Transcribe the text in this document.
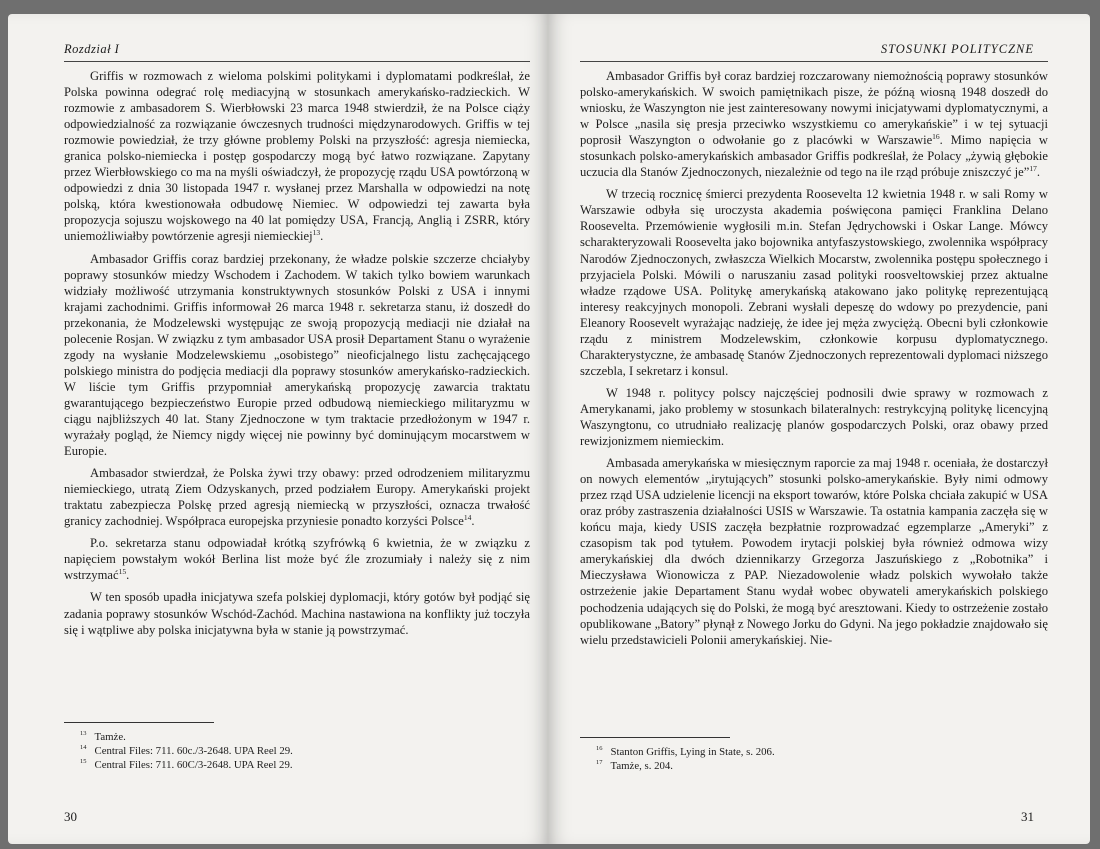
Rozdział I

Griffis w rozmowach z wieloma polskimi politykami i dyplomatami podkreślał, że Polska powinna odegrać rolę mediacyjną w stosunkach amerykańsko-radzieckich. W rozmowie z ambasadorem S. Wierbłowski 23 marca 1948 stwierdził, że na Polsce ciąży odpowiedzialność za rozwiązanie ówczesnych trudności międzynarodowych. Griffis w tej rozmowie powiedział, że trzy główne problemy Polski na przyszłość: agresja niemiecka, granica polsko-niemiecka i postęp gospodarczy mogą być łatwo rozwiązane. Zapytany przez Wierbłowskiego co ma na myśli oświadczył, że propozycję rządu USA powtórzoną w odpowiedzi z dnia 30 listopada 1947 r. wysłanej przez Marshalla w odpowiedzi na notę polską, która kwestionowała odbudowę Niemiec. W odpowiedzi tej zawarta była propozycja sojuszu wojskowego na 40 lat pomiędzy USA, Francją, Anglią i ZSRR, który uniemożliwiałby powtórzenie agresji niemieckiej$^{13}$.

Ambasador Griffis coraz bardziej przekonany, że władze polskie szczerze chciałyby poprawy stosunków miedzy Wschodem i Zachodem. W takich tylko bowiem warunkach widziały możliwość utrzymania konstruktywnych stosunków Polski z USA i innymi krajami zachodnimi. Griffis informował 26 marca 1948 r. sekretarza stanu, iż doszedł do przekonania, że Modzelewski występując ze swoją propozycją mediacji nie działał na polecenie Rosjan. W związku z tym ambasador USA prosił Departament Stanu o wyrażenie zgody na wysłanie Modzelewskiemu „osobistego” nieoficjalnego listu zachęcającego polskiego ministra do podjęcia mediacji dla poprawy stosunków amerykańsko-radzieckich. W liście tym Griffis przypomniał amerykańską propozycję zawarcia traktatu gwarantującego bezpieczeństwo Europie przed odbudową niemieckiego militaryzmu w ciągu najbliższych 40 lat. Stany Zjednoczone w tym traktacie przedłożonym w 1947 r. wyrażały pogląd, że Niemcy nigdy więcej nie powinny być dominującym mocarstwem w Europie.

Ambasador stwierdzał, że Polska żywi trzy obawy: przed odrodzeniem militaryzmu niemieckiego, utratą Ziem Odzyskanych, przed podziałem Europy. Amerykański projekt traktatu zabezpiecza Polskę przed agresją niemiecką w przyszłości, oznacza trwałość granicy zachodniej. Współpraca europejska przyniesie ponadto korzyści Polsce$^{14}$.

P.o. sekretarza stanu odpowiadał krótką szyfrówką 6 kwietnia, że w związku z napięciem powstałym wokół Berlina list może być źle zrozumiały i należy się z nim wstrzymać$^{15}$.

W ten sposób upadła inicjatywa szefa polskiej dyplomacji, który gotów był podjąć się zadania poprawy stosunków Wschód-Zachód. Machina nastawiona na konflikty już toczyła się i wątpliwe aby polska inicjatywna była w stanie ją powstrzymać.

$^{13}$ Tamże.
$^{14}$ Central Files: 711. 60c./3-2648. UPA Reel 29.
$^{15}$ Central Files: 711. 60C/3-2648. UPA Reel 29.
30
STOSUNKI POLITYCZNE

Ambasador Griffis był coraz bardziej rozczarowany niemożnością poprawy stosunków polsko-amerykańskich. W swoich pamiętnikach pisze, że późną wiosną 1948 doszedł do wniosku, że Waszyngton nie jest zainteresowany nowymi inicjatywami dyplomatycznymi, a w Polsce „nasila się presja przeciwko wszystkiemu co amerykańskie” i w tej sytuacji poprosił Waszyngton o odwołanie go z placówki w Warszawie$^{16}$. Mimo napięcia w stosunkach polsko-amerykańskich ambasador Griffis podkreślał, że Polacy „żywią głębokie uczucia dla Stanów Zjednoczonych, niezależnie od tego na ile rząd próbuje zniszczyć je”$^{17}$.

W trzecią rocznicę śmierci prezydenta Roosevelta 12 kwietnia 1948 r. w sali Romy w Warszawie odbyła się uroczysta akademia poświęcona pamięci Franklina Delano Roosevelta. Przemówienie wygłosili m.in. Stefan Jędrychowski i Oskar Lange. Mówcy scharakteryzowali Roosevelta jako bojownika antyfaszystowskiego, zwolennika współpracy Narodów Zjednoczonych, zwłaszcza Wielkich Mocarstw, zwolennika postępu społecznego i przyjaciela Polski. Mówili o naruszaniu zasad polityki roosveltowskiej przez aktualne władze rządowe USA. Politykę amerykańską atakowano jako politykę reprezentującą interesy reakcyjnych monopoli. Zebrani wysłali depeszę do wdowy po prezydencie, pani Eleanory Roosevelt wyrażając nadzieję, że idee jej męża zwyciężą. Obecni byli członkowie rządu z ministrem Modzelewskim, członkowie korpusu dyplomatycznego. Charakterystyczne, że ambasadę Stanów Zjednoczonych reprezentowali dyplomaci niższego szczebla, I sekretarz i konsul.

W 1948 r. politycy polscy najczęściej podnosili dwie sprawy w rozmowach z Amerykanami, jako problemy w stosunkach bilateralnych: restrykcyjną politykę licencyjną Waszyngtonu, co utrudniało realizację planów gospodarczych Polski, oraz obawy przed rewizjonizmem niemieckim.

Ambasada amerykańska w miesięcznym raporcie za maj 1948 r. oceniała, że dostarczył on nowych elementów „irytujących” stosunki polsko-amerykańskie. Były nimi odmowy przez rząd USA udzielenie licencji na eksport towarów, które Polska chciała zakupić w USA oraz próby zastraszenia działalności USIS w Warszawie. Ta ostatnia kampania zaczęła się w końcu maja, kiedy USIS zaczęła bezpłatnie rozprowadzać egzemplarze „Ameryki” z czasopism tak pod tytułem. Powodem irytacji polskiej była również odmowa wizy amerykańskiej dla dwóch dziennikarzy Grzegorza Jaszuńskiego z „Robotnika” i Mieczysława Wionowicza z PAP. Niezadowolenie władz polskich wywołało także ostrzeżenie jakie Departament Stanu wydał wobec obywateli amerykańskich polskiego pochodzenia udających się do Polski, że mogą być aresztowani. Kiedy to ostrzeżenie zostało opublikowane „Batory” płynął z Nowego Jorku do Gdyni. Na jego pokładzie znajdowało się wielu przedstawicieli Polonii amerykańskiej. Nie-

$^{16}$ Stanton Griffis, Lying in State, s. 206.
$^{17}$ Tamże, s. 204.
31
